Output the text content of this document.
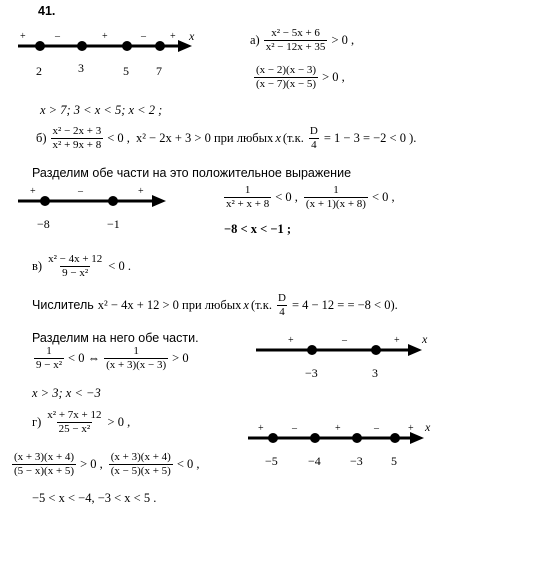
41.
+	–	+	– + x
2	3	5 7
$а) \frac{\text{x² − 5x + 6}}{\text{x² − 12x + 35}} > 0$ ,
$\frac{(x - 2)(x - 3)}{(x - 7)(x - 5)} > 0$ ,
x > 7; 3 < x < 5; x < 2 ;
$б) \frac{\text{x² − 2x + 3}}{\text{x² + 9x + 8}} < 0$ , x² − 2x + 3 > 0 при любых x (т.к. $\frac{D}{4} = 1 - 3 = -2 < 0$ ).
Разделим обе части на это положительное выражение
+	–	+
−8	−1
$\frac{1}{\text{x² + x + 8}} < 0$ , $\frac{1}{(x + 1)(x + 8)} < 0$ ,
−8 < x < −1 ;
$в) \frac{\text{x² − 4x + 12}}{\text{9 − x²}} < 0$ .
Числитель x² − 4x + 12 > 0 при любых x (т.к. $\frac{D}{4} = 4 - 12$ = = −8 < 0).
Разделим на него обе части.
$\frac{1}{\text{9 − x²}} < 0$ ⇔ $\frac{1}{(x + 3)(x - 3)} > 0$
x > 3; x < −3
+	–	+ x
−3	3
$г) \frac{\text{x² + 7x + 12}}{\text{25 − x²}} > 0$ ,
$\frac{(x + 3)(x + 4)}{(5 - x)(x + 5)} > 0$ , $\frac{(x + 3)(x + 4)}{(x - 5)(x + 5)} < 0$ ,
−5 < x < −4, −3 < x < 5 .
+	–	+	–	+ x
−5	−4 −3 5
